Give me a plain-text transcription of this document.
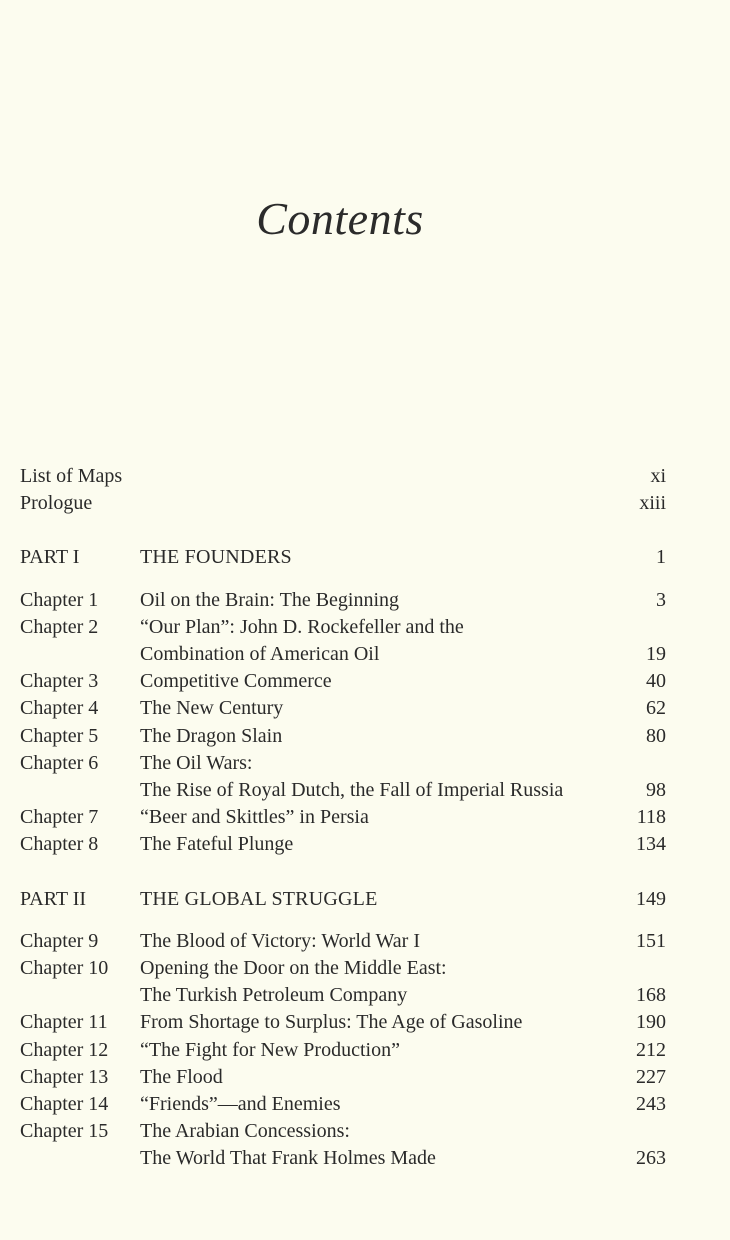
Contents
List of Maps	xi
Prologue	xiii
PART I	THE FOUNDERS	1
Chapter 1 Oil on the Brain: The Beginning	3
Chapter 2 “Our Plan”: John D. Rockefeller and the
Combination of American Oil	19
Chapter 3 Competitive Commerce	40
Chapter 4 The New Century	62
Chapter 5 The Dragon Slain	80
Chapter 6 The Oil Wars:
The Rise of Royal Dutch, the Fall of Imperial Russia	98
Chapter 7 “Beer and Skittles” in Persia	118
Chapter 8 The Fateful Plunge	134
PART II	THE GLOBAL STRUGGLE	149
Chapter 9 The Blood of Victory: World War I	151
Chapter 10 Opening the Door on the Middle East:
The Turkish Petroleum Company	168
Chapter 11 From Shortage to Surplus: The Age of Gasoline	190
Chapter 12 “The Fight for New Production”	212
Chapter 13 The Flood	227
Chapter 14 “Friends”—and Enemies	243
Chapter 15 The Arabian Concessions:
The World That Frank Holmes Made	263
